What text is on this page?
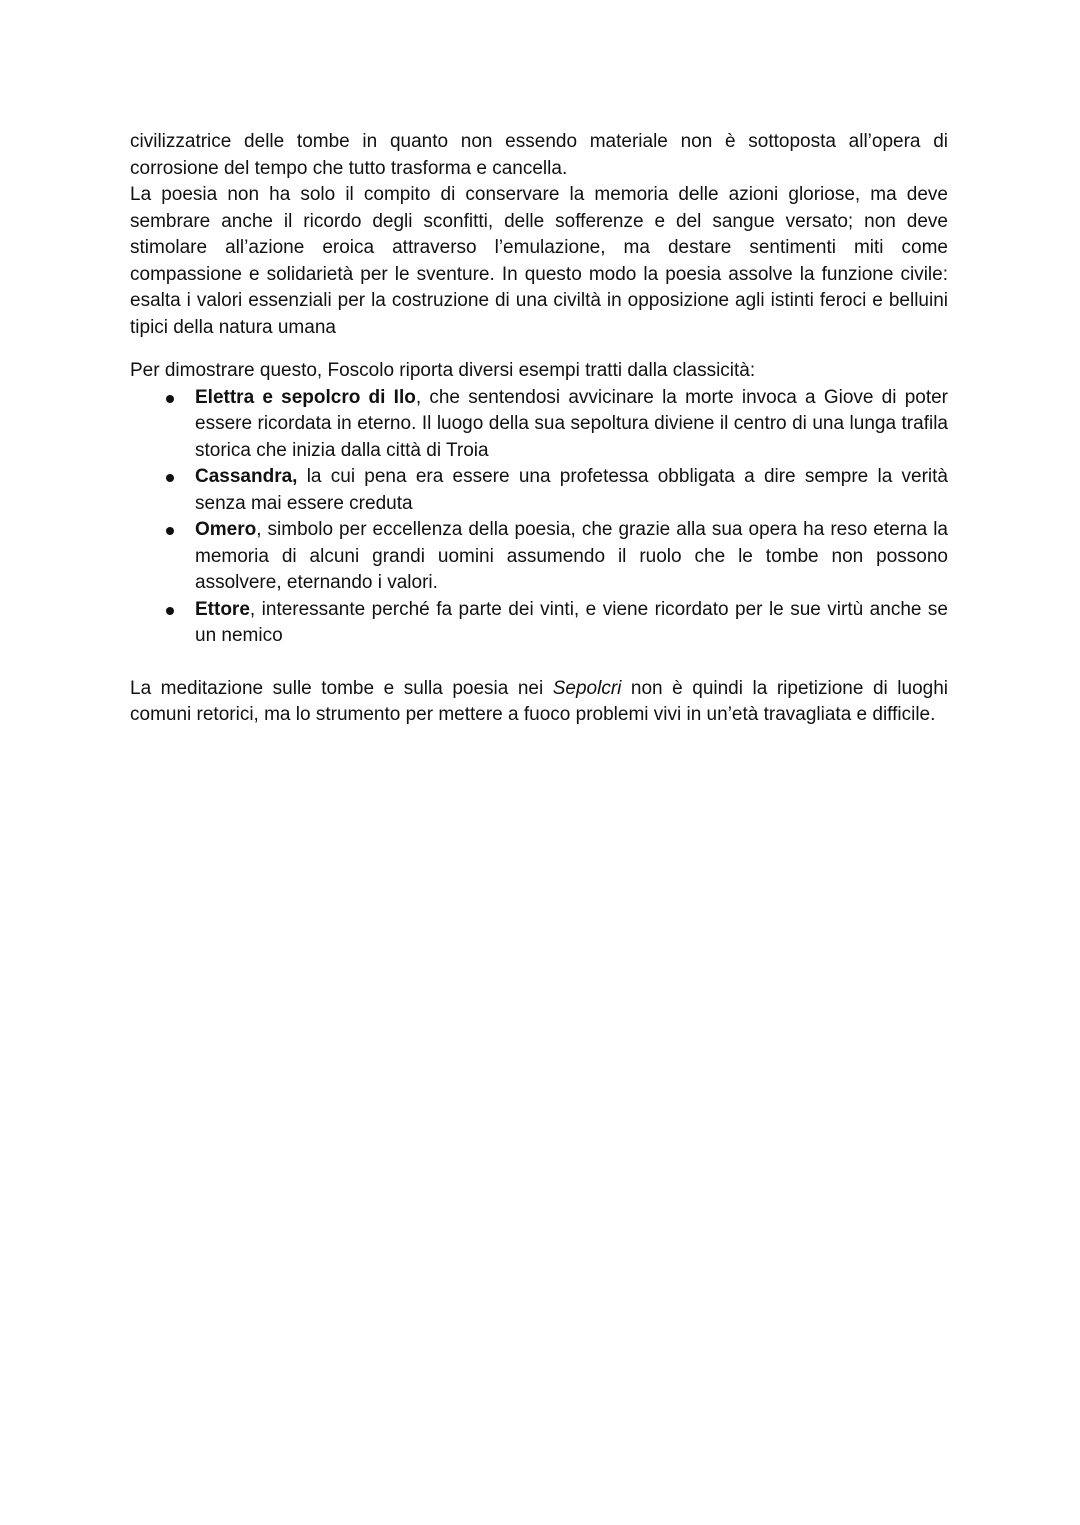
civilizzatrice delle tombe in quanto non essendo materiale non è sottoposta all’opera di corrosione del tempo che tutto trasforma e cancella.

La poesia non ha solo il compito di conservare la memoria delle azioni gloriose, ma deve sembrare anche il ricordo degli sconfitti, delle sofferenze e del sangue versato; non deve stimolare all’azione eroica attraverso l’emulazione, ma destare sentimenti miti come compassione e solidarietà per le sventure. In questo modo la poesia assolve la funzione civile: esalta i valori essenziali per la costruzione di una civiltà in opposizione agli istinti feroci e belluini tipici della natura umana

Per dimostrare questo, Foscolo riporta diversi esempi tratti dalla classicità:

Elettra e sepolcro di Ilo, che sentendosi avvicinare la morte invoca a Giove di poter essere ricordata in eterno. Il luogo della sua sepoltura diviene il centro di una lunga trafila storica che inizia dalla città di Troia
Cassandra, la cui pena era essere una profetessa obbligata a dire sempre la verità senza mai essere creduta
Omero, simbolo per eccellenza della poesia, che grazie alla sua opera ha reso eterna la memoria di alcuni grandi uomini assumendo il ruolo che le tombe non possono assolvere, eternando i valori.
Ettore, interessante perché fa parte dei vinti, e viene ricordato per le sue virtù anche se un nemico

La meditazione sulle tombe e sulla poesia nei Sepolcri non è quindi la ripetizione di luoghi comuni retorici, ma lo strumento per mettere a fuoco problemi vivi in un’età travagliata e difficile.
